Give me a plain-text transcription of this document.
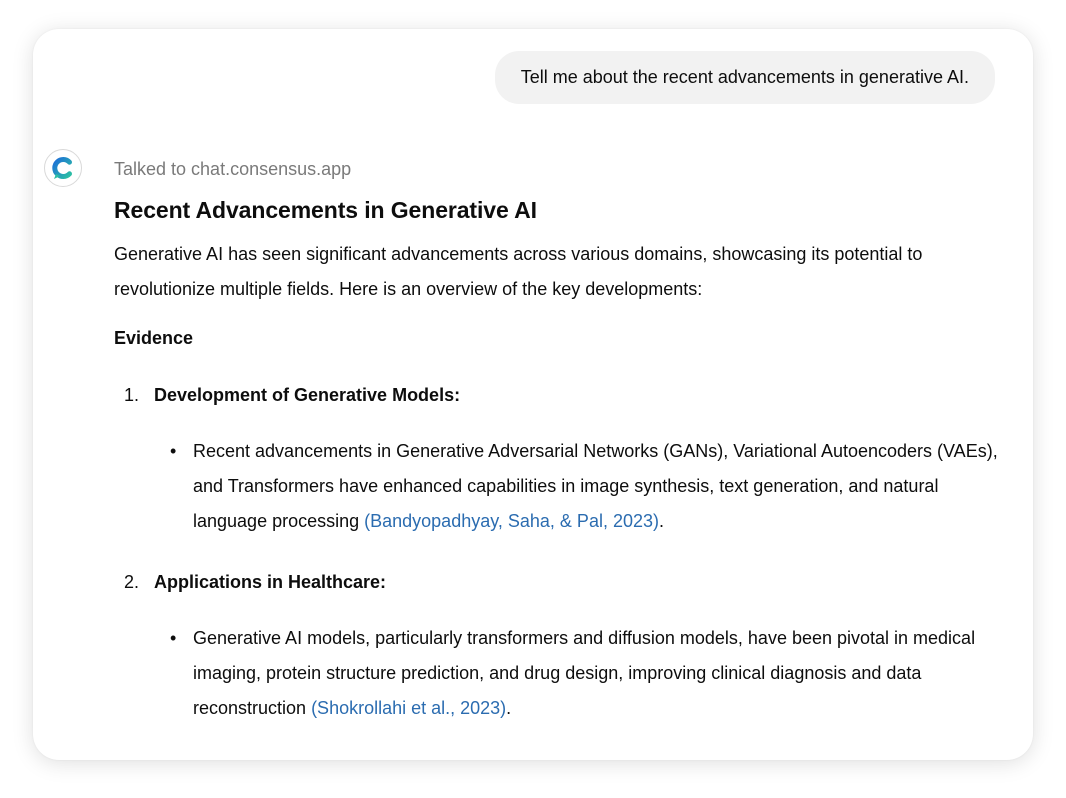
Tell me about the recent advancements in generative AI.

Talked to chat.consensus.app

Recent Advancements in Generative AI

Generative AI has seen significant advancements across various domains, showcasing its potential to revolutionize multiple fields. Here is an overview of the key developments:

Evidence

1. Development of Generative Models:

• Recent advancements in Generative Adversarial Networks (GANs), Variational Autoencoders (VAEs), and Transformers have enhanced capabilities in image synthesis, text generation, and natural language processing (Bandyopadhyay, Saha, & Pal, 2023).

2. Applications in Healthcare:

• Generative AI models, particularly transformers and diffusion models, have been pivotal in medical imaging, protein structure prediction, and drug design, improving clinical diagnosis and data reconstruction (Shokrollahi et al., 2023).
